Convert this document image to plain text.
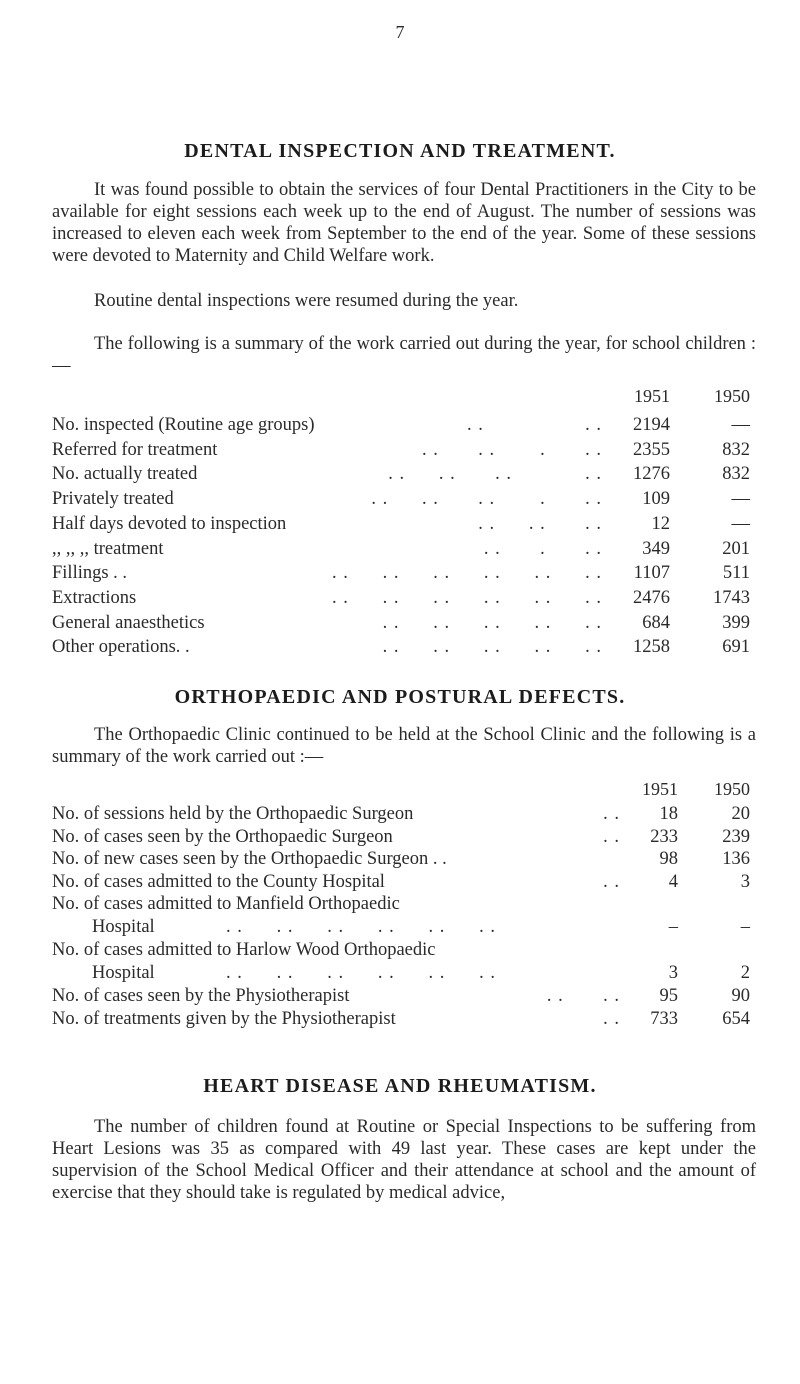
7
DENTAL INSPECTION AND TREATMENT.
It was found possible to obtain the services of four Dental Practitioners in the City to be available for eight sessions each week up to the end of August. The number of sessions was increased to eleven each week from September to the end of the year. Some of these sessions were devoted to Maternity and Child Welfare work.
Routine dental inspections were resumed during the year.
The following is a summary of the work carried out during the year, for school children :—
1951	1950
No. inspected (Routine age groups)	. .                  . .	2194	—
Referred for treatment	. .       . .        .       . .	2355	832
No. actually treated	. .      . .       . .             . .	1276	832
Privately treated	. .      . .       . .        .       . .	109	—
Half days devoted to inspection	. .      . .       . .	12	—
,, ,, ,, treatment	. .       .       . .	349	201
Fillings . .	. .      . .      . .      . .      . .      . .	1107	511
Extractions	. .      . .      . .      . .      . .      . .	2476	1743
General anaesthetics	. .      . .      . .      . .      . .	684	399
Other operations. .	. .      . .      . .      . .      . .	1258	691
ORTHOPAEDIC AND POSTURAL DEFECTS.
The Orthopaedic Clinic continued to be held at the School Clinic and the following is a summary of the work carried out :—
1951	1950
No. of sessions held by the Orthopaedic Surgeon	. .	18	20
No. of cases seen by the Orthopaedic Surgeon	. .	233	239
No. of new cases seen by the Orthopaedic Surgeon . .	98	136
No. of cases admitted to the County Hospital	. .	4	3
No. of cases admitted to Manfield Orthopaedic
Hospital	. .      . .      . .      . .      . .      . .	–	–
No. of cases admitted to Harlow Wood Orthopaedic
Hospital	. .      . .      . .      . .      . .      . .	3	2
No. of cases seen by the Physiotherapist	. .       . .	95	90
No. of treatments given by the Physiotherapist	. .	733	654
HEART DISEASE AND RHEUMATISM.
The number of children found at Routine or Special Inspections to be suffering from Heart Lesions was 35 as compared with 49 last year. These cases are kept under the supervision of the School Medical Officer and their attendance at school and the amount of exercise that they should take is regulated by medical advice,
